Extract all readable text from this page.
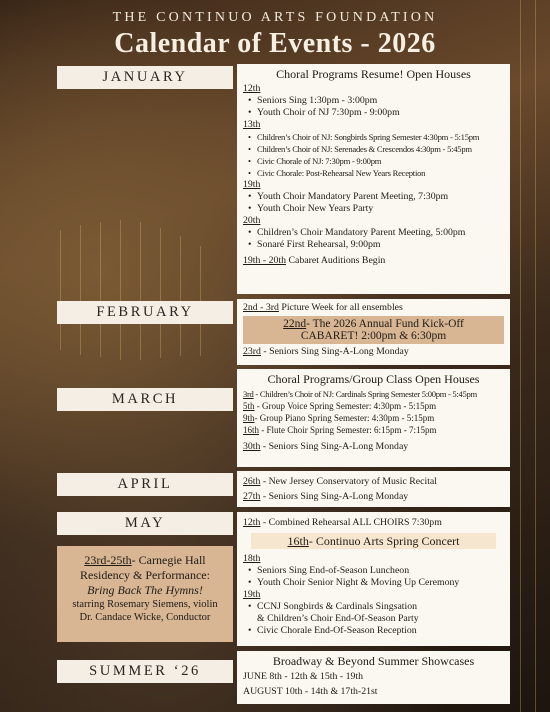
THE CONTINUO ARTS FOUNDATION
Calendar of Events - 2026
JANUARY
FEBRUARY
MARCH
APRIL
MAY
SUMMER ‘26
Choral Programs Resume! Open Houses
12th
• Seniors Sing 1:30pm - 3:00pm
• Youth Choir of NJ 7:30pm - 9:00pm
13th
• Children’s Choir of NJ: Songbirds Spring Semester 4:30pm - 5:15pm
• Children’s Choir of NJ: Serenades & Crescendos 4:30pm - 5:45pm
• Civic Chorale of NJ: 7:30pm - 9:00pm
• Civic Chorale: Post-Rehearsal New Years Reception
19th
• Youth Choir Mandatory Parent Meeting, 7:30pm
• Youth Choir New Years Party
20th
• Children’s Choir Mandatory Parent Meeting, 5:00pm
• Sonaré First Rehearsal, 9:00pm
19th - 20th Cabaret Auditions Begin
2nd - 3rd Picture Week for all ensembles
22nd- The 2026 Annual Fund Kick-Off
CABARET! 2:00pm & 6:30pm
23rd - Seniors Sing Sing-A-Long Monday
Choral Programs/Group Class Open Houses
3rd - Children’s Choir of NJ: Cardinals Spring Semester 5:00pm - 5:45pm
5th - Group Voice Spring Semester: 4:30pm - 5:15pm
9th- Group Piano Spring Semester: 4:30pm - 5:15pm
16th - Flute Choir Spring Semester: 6:15pm - 7:15pm
30th - Seniors Sing Sing-A-Long Monday
26th - New Jersey Conservatory of Music Recital
27th - Seniors Sing Sing-A-Long Monday
12th - Combined Rehearsal ALL CHOIRS 7:30pm
16th- Continuo Arts Spring Concert
18th
• Seniors Sing End-of-Season Luncheon
• Youth Choir Senior Night & Moving Up Ceremony
19th
• CCNJ Songbirds & Cardinals Singsation
& Children’s Choir End-Of-Season Party
• Civic Chorale End-Of-Season Reception
23rd-25th- Carnegie Hall
Residency & Performance:
Bring Back The Hymns!
starring Rosemary Siemens, violin
Dr. Candace Wicke, Conductor
Broadway & Beyond Summer Showcases
JUNE 8th - 12th & 15th - 19th
AUGUST 10th - 14th & 17th-21st
